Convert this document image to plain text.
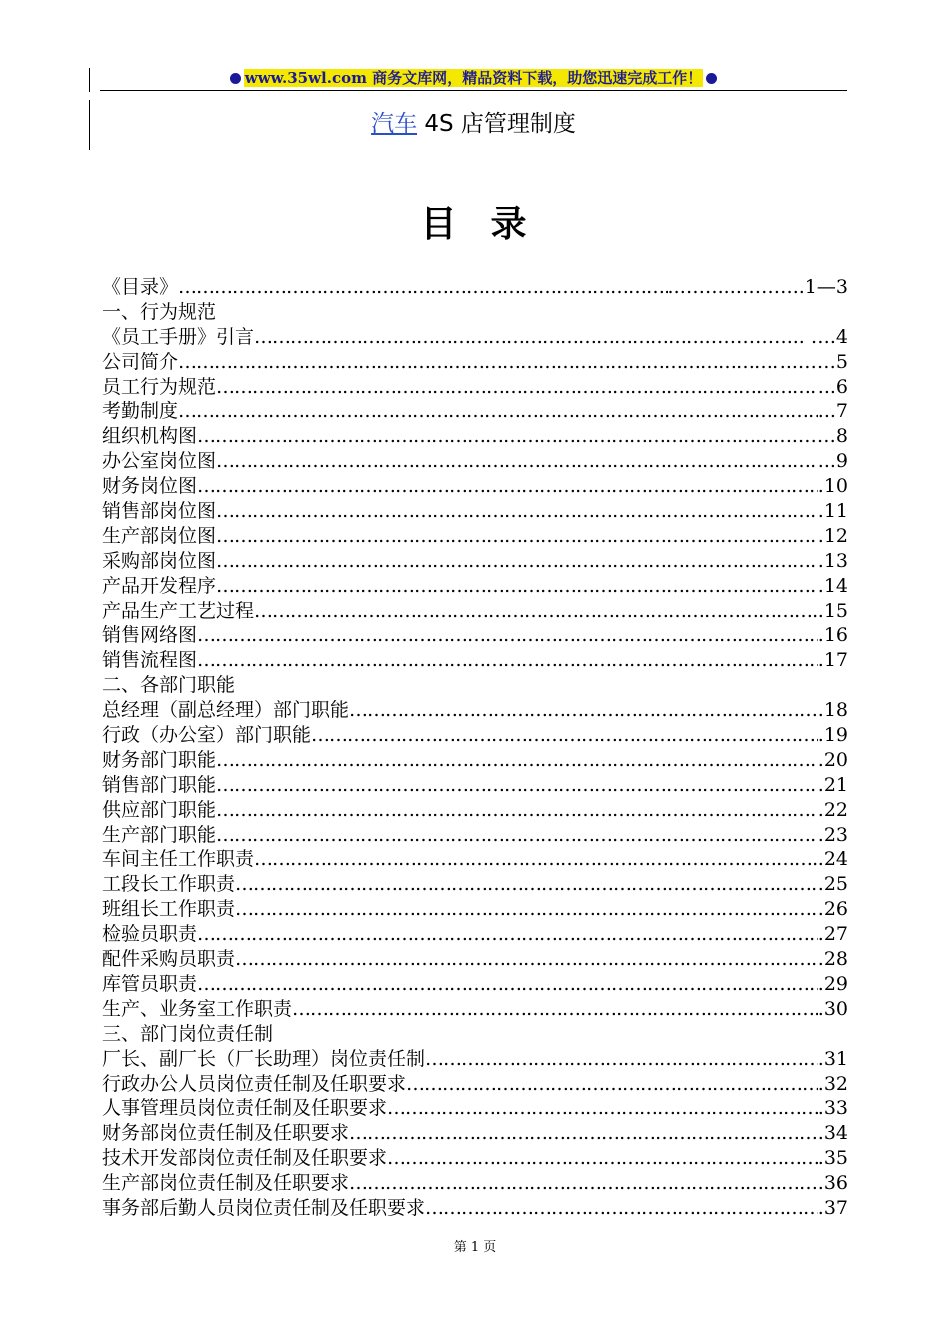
www.35wl.com 商务文库网，精品资料下载，助您迅速完成工作！
汽车 4S 店管理制度
目录
《目录》 …………………………………………………………………………………………………………………………………………………………………………	..……...………..1—3
一、行为规范
《员工手册》引言 …………………………………………………………………………………………………………………………………………………………………………	...…………... ….4
公司简介 …………………………………………………………………………………………………………………………………………………………………………	...……5
员工行为规范 …………………………………………………………………………………………………………………………………………………………………………	...6
考勤制度 …………………………………………………………………………………………………………………………………………………………………………	...7
组织机构图 …………………………………………………………………………………………………………………………………………………………………………	..……8
办公室岗位图 …………………………………………………………………………………………………………………………………………………………………………	...9
财务岗位图 …………………………………………………………………………………………………………………………………………………………………………	.10
销售部岗位图 …………………………………………………………………………………………………………………………………………………………………………	.11
生产部岗位图 …………………………………………………………………………………………………………………………………………………………………………	.12
采购部岗位图 …………………………………………………………………………………………………………………………………………………………………………	.13
产品开发程序 …………………………………………………………………………………………………………………………………………………………………………	.14
产品生产工艺过程 …………………………………………………………………………………………………………………………………………………………………………	.15
销售网络图 …………………………………………………………………………………………………………………………………………………………………………	.16
销售流程图 …………………………………………………………………………………………………………………………………………………………………………	.17
二、各部门职能
总经理（副总经理）部门职能 …………………………………………………………………………………………………………………………………………………………………………	.18
行政（办公室）部门职能 …………………………………………………………………………………………………………………………………………………………………………	.19
财务部门职能 …………………………………………………………………………………………………………………………………………………………………………	.20
销售部门职能 …………………………………………………………………………………………………………………………………………………………………………	.21
供应部门职能 …………………………………………………………………………………………………………………………………………………………………………	.22
生产部门职能 …………………………………………………………………………………………………………………………………………………………………………	.23
车间主任工作职责 …………………………………………………………………………………………………………………………………………………………………………	.24
工段长工作职责 …………………………………………………………………………………………………………………………………………………………………………	.25
班组长工作职责 …………………………………………………………………………………………………………………………………………………………………………	.26
检验员职责 …………………………………………………………………………………………………………………………………………………………………………	.27
配件采购员职责 …………………………………………………………………………………………………………………………………………………………………………	.28
库管员职责 …………………………………………………………………………………………………………………………………………………………………………	.29
生产、业务室工作职责 …………………………………………………………………………………………………………………………………………………………………………	.30
三、部门岗位责任制
厂长、副厂长（厂长助理）岗位责任制 …………………………………………………………………………………………………………………………………………………………………………	.31
行政办公人员岗位责任制及任职要求 …………………………………………………………………………………………………………………………………………………………………………	.32
人事管理员岗位责任制及任职要求 …………………………………………………………………………………………………………………………………………………………………………	.33
财务部岗位责任制及任职要求 …………………………………………………………………………………………………………………………………………………………………………	.34
技术开发部岗位责任制及任职要求 …………………………………………………………………………………………………………………………………………………………………………	.35
生产部岗位责任制及任职要求 …………………………………………………………………………………………………………………………………………………………………………	.36
事务部后勤人员岗位责任制及任职要求 …………………………………………………………………………………………………………………………………………………………………………	.37
第 1 页
